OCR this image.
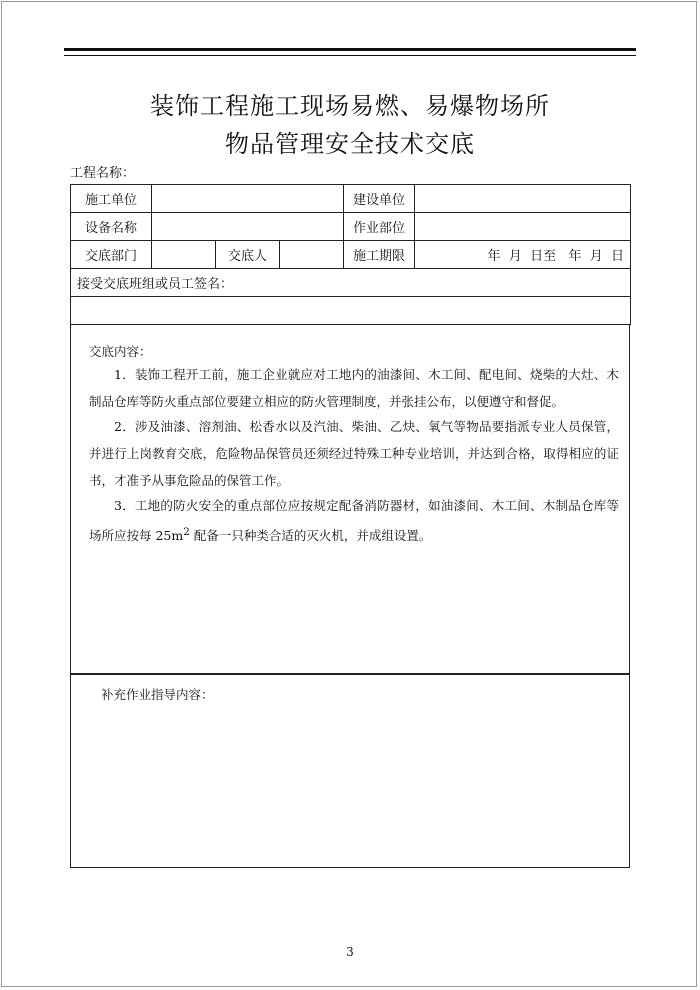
装饰工程施工现场易燃、易爆物场所
物品管理安全技术交底
工程名称：
施工单位				建设单位	
设备名称				作业部位	
交底部门		交底人		施工期限	年  月  日至   年  月  日
接受交底班组或员工签名：					

交底内容：
1．装饰工程开工前，施工企业就应对工地内的油漆间、木工间、配电间、烧柴的大灶、木制品仓库等防火重点部位要建立相应的防火管理制度，并张挂公布，以便遵守和督促。
2．涉及油漆、溶剂油、松香水以及汽油、柴油、乙炔、氧气等物品要指派专业人员保管，并进行上岗教育交底，危险物品保管员还须经过特殊工种专业培训，并达到合格，取得相应的证书，才准予从事危险品的保管工作。
3．工地的防火安全的重点部位应按规定配备消防器材，如油漆间、木工间、木制品仓库等场所应按每 $25m^2$ 配备一只种类合适的灭火机，并成组设置。
补充作业指导内容：
3
